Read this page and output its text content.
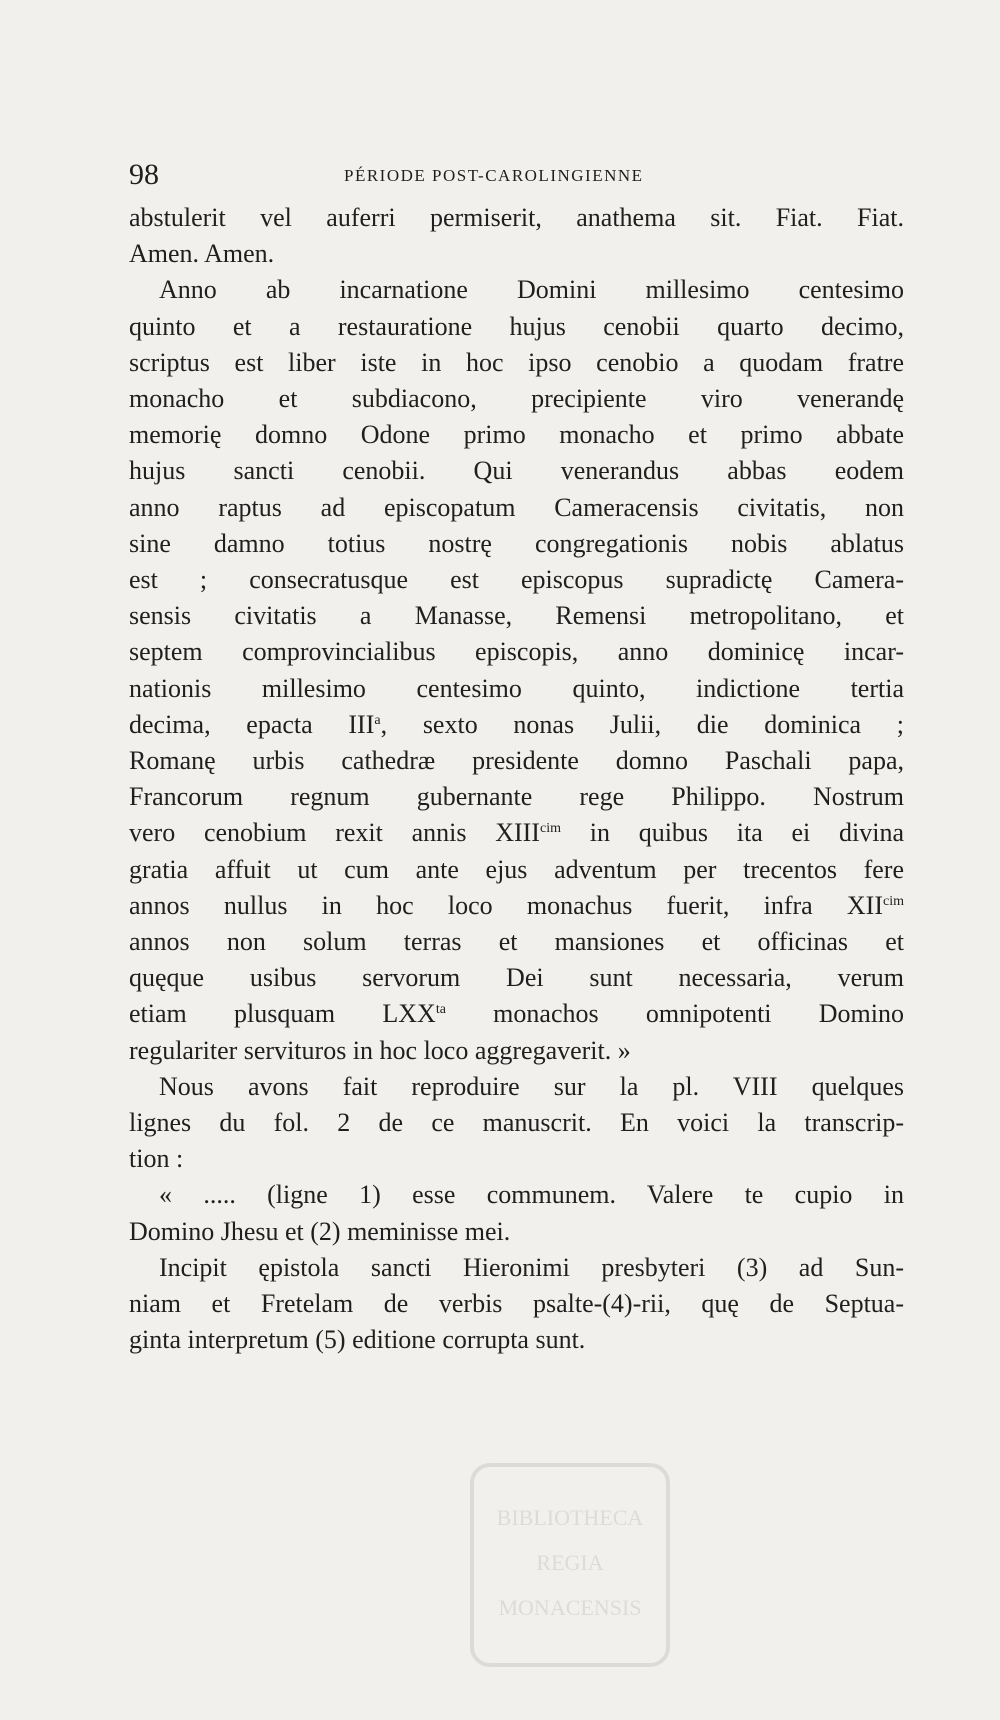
98	PÉRIODE POST-CAROLINGIENNE
abstulerit vel auferri permiserit, anathema sit. Fiat. Fiat.
Amen. Amen.
Anno ab incarnatione Domini millesimo centesimo
quinto et a restauratione hujus cenobii quarto decimo,
scriptus est liber iste in hoc ipso cenobio a quodam fratre
monacho et subdiacono, precipiente viro venerandę
memorię domno Odone primo monacho et primo abbate
hujus sancti cenobii. Qui venerandus abbas eodem
anno raptus ad episcopatum Cameracensis civitatis, non
sine damno totius nostrę congregationis nobis ablatus
est ; consecratusque est episcopus supradictę Camera-
sensis civitatis a Manasse, Remensi metropolitano, et
septem comprovincialibus episcopis, anno dominicę incar-
nationis millesimo centesimo quinto, indictione tertia
decima, epacta III$^a$, sexto nonas Julii, die dominica ;
Romanę urbis cathedræ presidente domno Paschali papa,
Francorum regnum gubernante rege Philippo. Nostrum
vero cenobium rexit annis $XIII^{cim}$ in quibus ita ei divina
gratia affuit ut cum ante ejus adventum per trecentos fere
annos nullus in hoc loco monachus fuerit, infra $XII^{cim}$
annos non solum terras et mansiones et officinas et
quęque usibus servorum Dei sunt necessaria, verum
etiam plusquam $LXX^{ta}$ monachos omnipotenti Domino
regulariter servituros in hoc loco aggregaverit. »
Nous avons fait reproduire sur la pl. VIII quelques
lignes du fol. 2 de ce manuscrit. En voici la transcrip-
tion :
« ..... (ligne 1) esse communem. Valere te cupio in
Domino Jhesu et (2) meminisse mei.
Incipit ępistola sancti Hieronimi presbyteri (3) ad Sun-
niam et Fretelam de verbis psalte-(4)-rii, quę de Septua-
ginta interpretum (5) editione corrupta sunt.
BIBLIOTHECA
REGIA
MONACENSIS
